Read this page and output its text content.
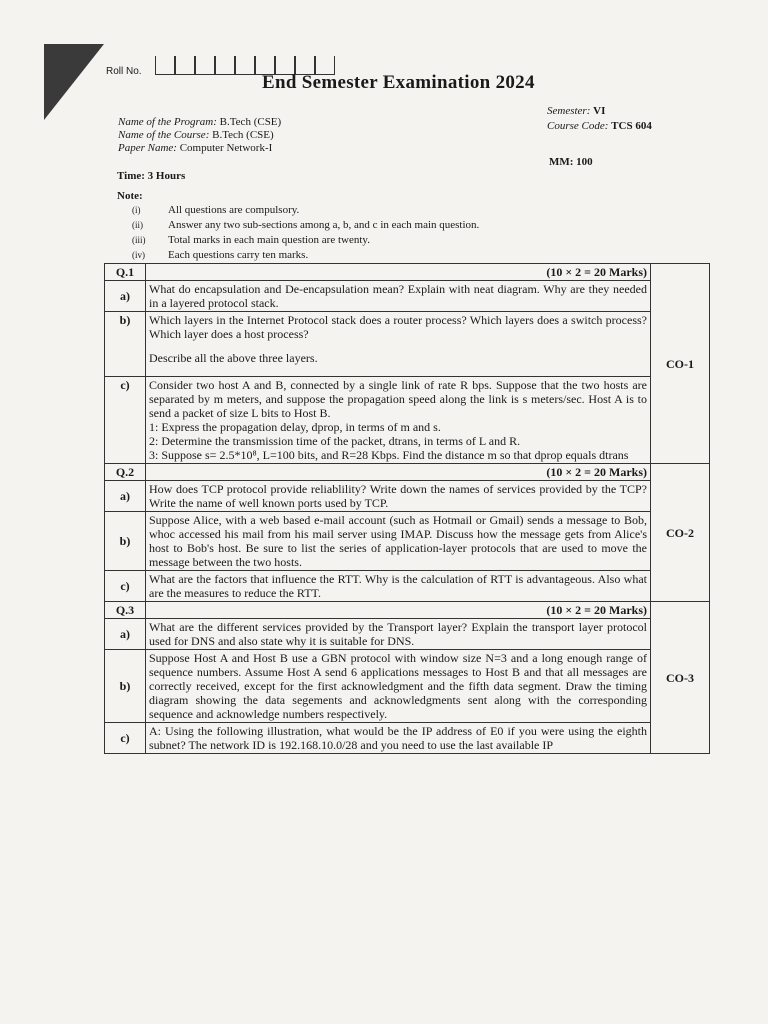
Roll No.
End Semester Examination 2024
Name of the Program: B.Tech (CSE)
Name of the Course: B.Tech (CSE)
Paper Name: Computer Network-I
Semester: VI
Course Code: TCS 604
MM: 100
Time: 3 Hours
Note:
(i)	All questions are compulsory.
(ii)	Answer any two sub-sections among a, b, and c in each main question.
(iii)	Total marks in each main question are twenty.
(iv)	Each questions carry ten marks.
Q.1	(10 × 2 = 20 Marks)	CO-1
a)	What do encapsulation and De-encapsulation mean? Explain with neat diagram. Why are they needed in a layered protocol stack.	
b)	Which layers in the Internet Protocol stack does a router process? Which layers does a switch process? Which layer does a host process?
Describe all the above three layers.	

c)	Consider two host A and B, connected by a single link of rate R bps. Suppose that the two hosts are separated by m meters, and suppose the propagation speed along the link is s meters/sec. Host A is to send a packet of size L bits to Host B.
1: Express the propagation delay, dprop, in terms of m and s.
2: Determine the transmission time of the packet, dtrans, in terms of L and R.
3: Suppose s= 2.5*10⁸, L=100 bits, and R=28 Kbps. Find the distance m so that dprop equals dtrans	

Q.2	(10 × 2 = 20 Marks)	CO-2
a)	How does TCP protocol provide reliablility? Write down the names of services provided by the TCP? Write the name of well known ports used by TCP.	
b)	Suppose Alice, with a web based e-mail account (such as Hotmail or Gmail) sends a message to Bob, whoc accessed his mail from his mail server using IMAP. Discuss how the message gets from Alice's host to Bob's host. Be sure to list the series of application-layer protocols that are used to move the message between the two hosts.	
c)	What are the factors that influence the RTT. Why is the calculation of RTT is advantageous. Also what are the measures to reduce the RTT.	
Q.3	(10 × 2 = 20 Marks)	CO-3
a)	What are the different services provided by the Transport layer? Explain the transport layer protocol used for DNS and also state why it is suitable for DNS.	
b)	Suppose Host A and Host B use a GBN protocol with window size N=3 and a long enough range of sequence numbers. Assume Host A send 6 applications messages to Host B and that all messages are correctly received, except for the first acknowledgment and the fifth data segment. Draw the timing diagram showing the data segements and acknowledgments sent along with the corresponding sequence and acknowledge numbers respectively.	
c)	A: Using the following illustration, what would be the IP address of E0 if you were using the eighth subnet? The network ID is 192.168.10.0/28 and you need to use the last available IP	
